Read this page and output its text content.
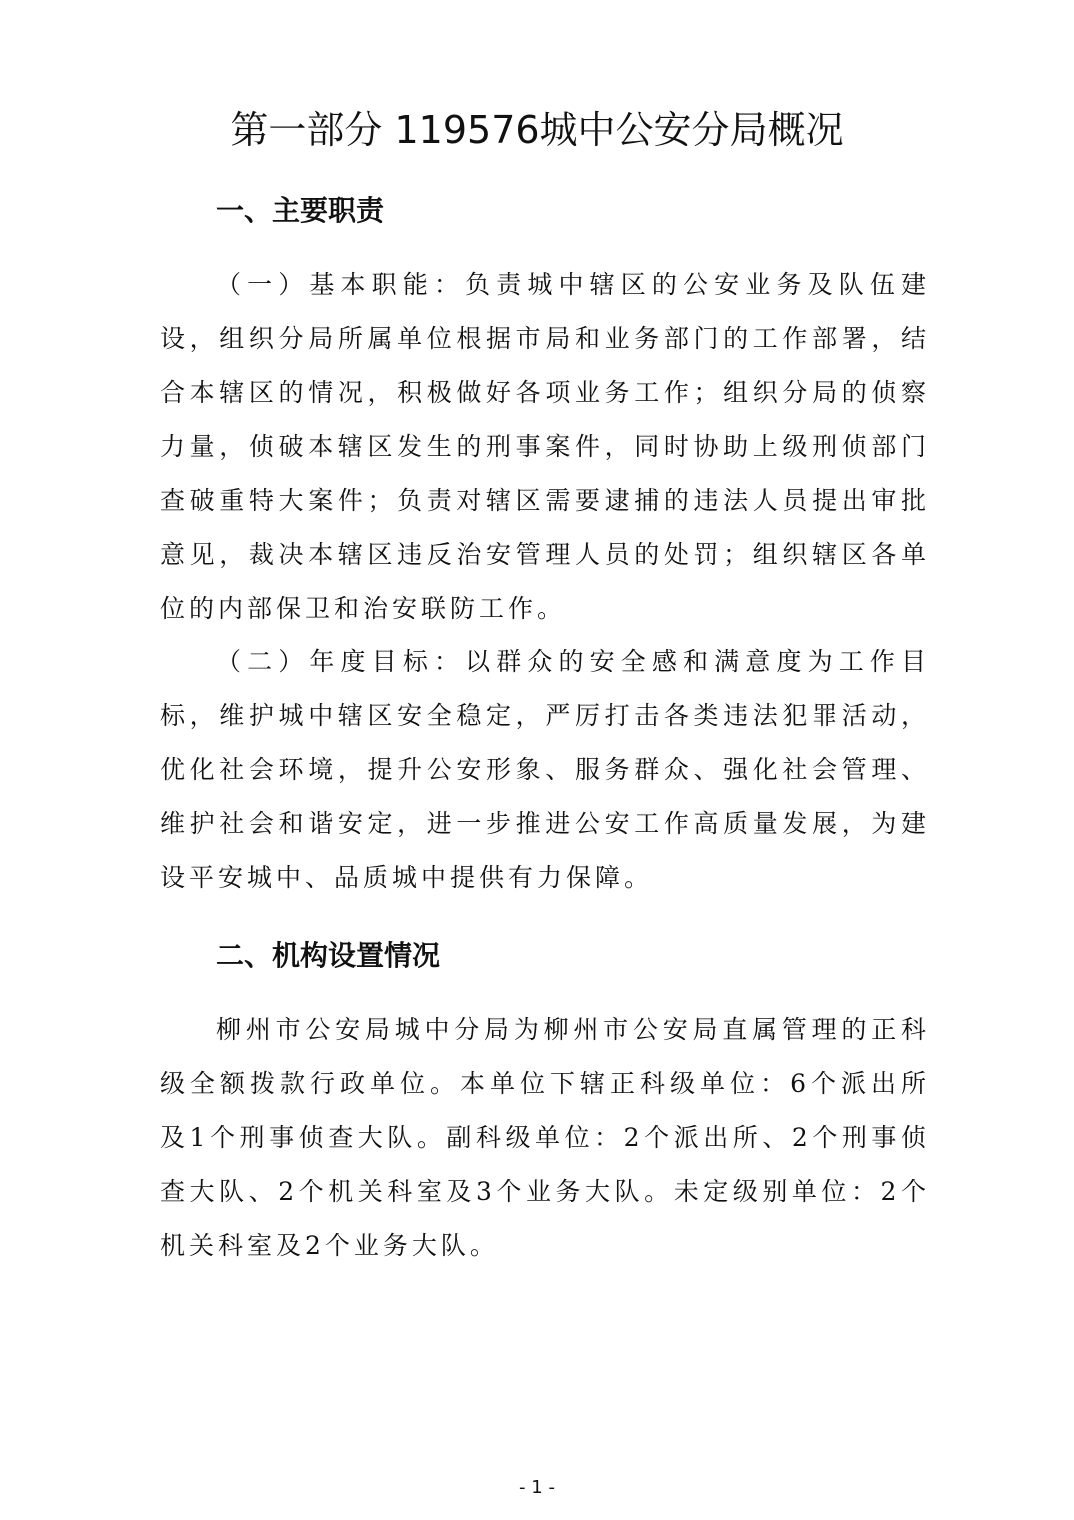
第一部分 119576城中公安分局概况
一、主要职责

（一）基本职能：负责城中辖区的公安业务及队伍建设，组织分局所属单位根据市局和业务部门的工作部署，结合本辖区的情况，积极做好各项业务工作；组织分局的侦察力量，侦破本辖区发生的刑事案件，同时协助上级刑侦部门查破重特大案件；负责对辖区需要逮捕的违法人员提出审批意见，裁决本辖区违反治安管理人员的处罚；组织辖区各单位的内部保卫和治安联防工作。

（二）年度目标：以群众的安全感和满意度为工作目标，维护城中辖区安全稳定，严厉打击各类违法犯罪活动，优化社会环境，提升公安形象、服务群众、强化社会管理、维护社会和谐安定，进一步推进公安工作高质量发展，为建设平安城中、品质城中提供有力保障。

二、机构设置情况

柳州市公安局城中分局为柳州市公安局直属管理的正科级全额拨款行政单位。本单位下辖正科级单位：6个派出所及1个刑事侦查大队。副科级单位：2个派出所、2个刑事侦查大队、2个机关科室及3个业务大队。未定级别单位：2个机关科室及2个业务大队。

- 1 -
